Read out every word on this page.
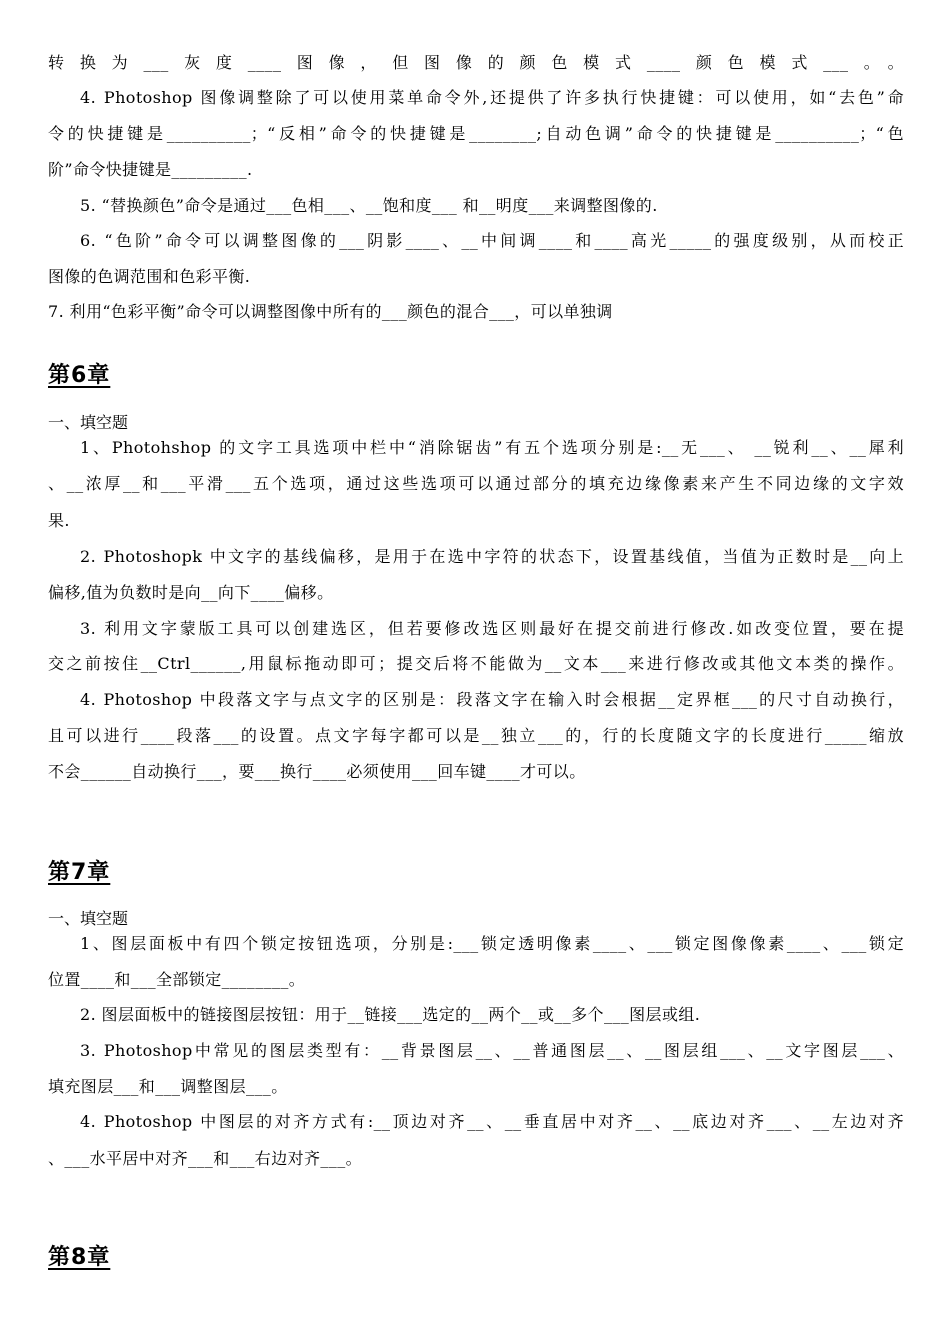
转换为___灰度____图像，但图像的颜色模式____颜色模式___。。
4. Photoshop 图像调整除了可以使用菜单命令外,还提供了许多执行快捷键：可以使用，如“去色”命
令的快捷键是__________；“反相”命令的快捷键是________;自动色调”命令的快捷键是__________；“色
阶”命令快捷键是_________.
5. “替换颜色”命令是通过___色相___、__饱和度___ 和__明度___来调整图像的.
6. “色阶”命令可以调整图像的___阴影____、__中间调____和____高光_____的强度级别，从而校正
图像的色调范围和色彩平衡.
7. 利用“色彩平衡”命令可以调整图像中所有的___颜色的混合___，可以单独调
第6章
一、填空题
1、Photohshop 的文字工具选项中栏中“消除锯齿”有五个选项分别是:__无___、 __锐利__、__犀利
、__浓厚__和___平滑___五个选项，通过这些选项可以通过部分的填充边缘像素来产生不同边缘的文字效
果.
2. Photoshopk 中文字的基线偏移，是用于在选中字符的状态下，设置基线值，当值为正数时是__向上
偏移,值为负数时是向__向下____偏移。
3. 利用文字蒙版工具可以创建选区，但若要修改选区则最好在提交前进行修改.如改变位置，要在提
交之前按住__Ctrl______,用鼠标拖动即可；提交后将不能做为__文本___来进行修改或其他文本类的操作。
4. Photoshop 中段落文字与点文字的区别是：段落文字在输入时会根据__定界框___的尺寸自动换行，
且可以进行____段落___的设置。点文字每字都可以是__独立___的，行的长度随文字的长度进行_____缩放
不会______自动换行___，要___换行____必须使用___回车键____才可以。
第7章
一、填空题
1、图层面板中有四个锁定按钮选项，分别是:___锁定透明像素____、___锁定图像像素____、___锁定
位置____和___全部锁定________。
2. 图层面板中的链接图层按钮：用于__链接___选定的__两个__或__多个___图层或组.
3. Photoshop中常见的图层类型有：__背景图层__、__普通图层__、__图层组___、__文字图层___、
填充图层___和___调整图层___。
4. Photoshop 中图层的对齐方式有:__顶边对齐__、__垂直居中对齐__、__底边对齐___、__左边对齐
、___水平居中对齐___和___右边对齐___。
第8章
